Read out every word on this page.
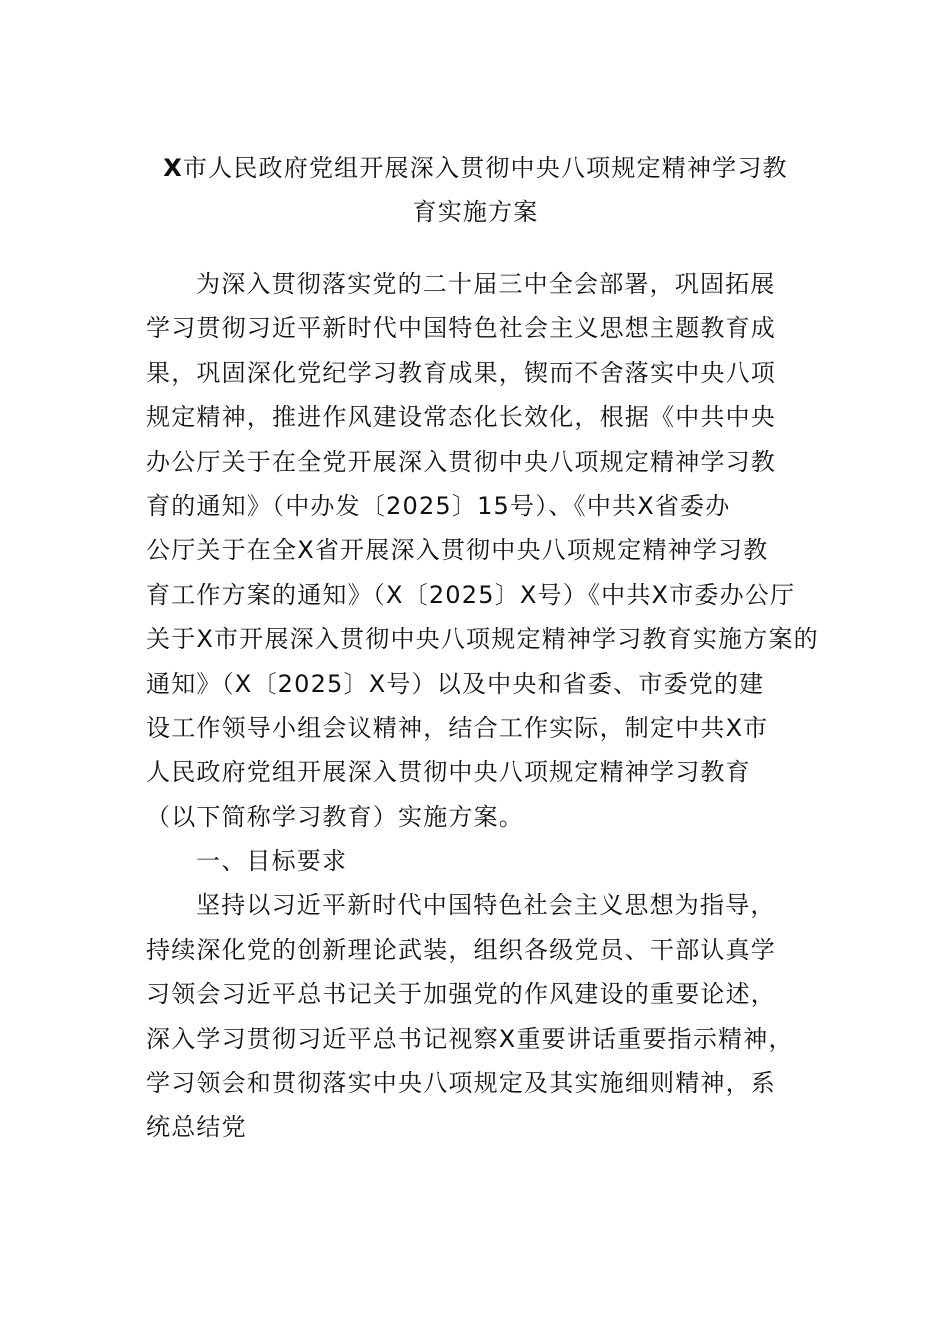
X市人民政府党组开展深入贯彻中央八项规定精神学习教
育实施方案
为深入贯彻落实党的二十届三中全会部署，巩固拓展
学习贯彻习近平新时代中国特色社会主义思想主题教育成
果，巩固深化党纪学习教育成果，锲而不舍落实中央八项
规定精神，推进作风建设常态化长效化，根据《中共中央
办公厅关于在全党开展深入贯彻中央八项规定精神学习教
育的通知》（中办发〔2025〕15号）、《中共X省委办
公厅关于在全X省开展深入贯彻中央八项规定精神学习教
育工作方案的通知》（X〔2025〕X号）《中共X市委办公厅
关于X市开展深入贯彻中央八项规定精神学习教育实施方案的
通知》（X〔2025〕X号）以及中央和省委、市委党的建
设工作领导小组会议精神，结合工作实际，制定中共X市
人民政府党组开展深入贯彻中央八项规定精神学习教育
（以下简称学习教育）实施方案。
一、目标要求
坚持以习近平新时代中国特色社会主义思想为指导，
持续深化党的创新理论武装，组织各级党员、干部认真学
习领会习近平总书记关于加强党的作风建设的重要论述，
深入学习贯彻习近平总书记视察X重要讲话重要指示精神，
学习领会和贯彻落实中央八项规定及其实施细则精神，系
统总结党
